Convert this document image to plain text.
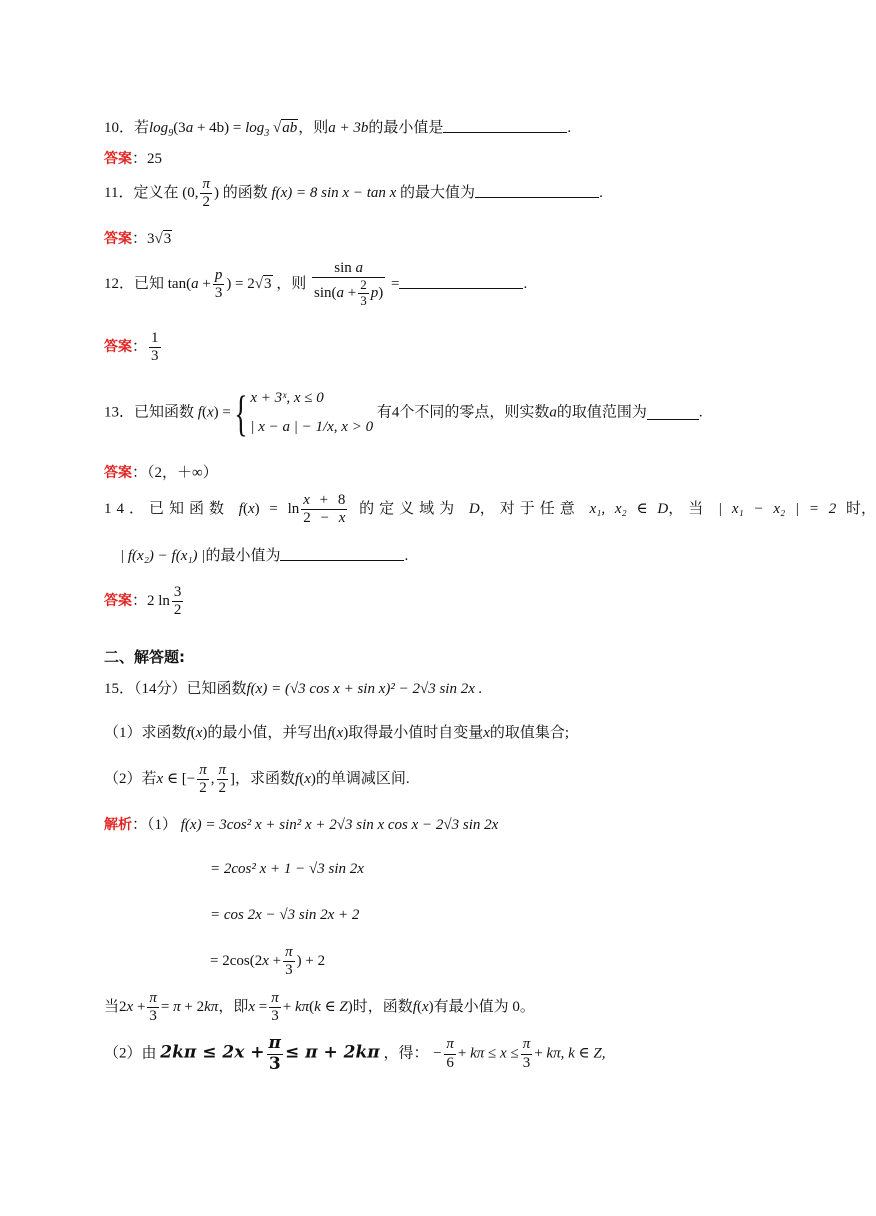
10．若$\log_9(3a + 4b) = \log_3 √ab$，则a + 3b的最小值是	.
答案：25
11．定义在 (0, $\frac{\pi}{2}$ ) 的函数 f(x) = 8 sin x − tan x 的最大值为	.
答案：3√3
12．已知 $\tan(a + \frac{p}{3}$ ) = 2√3 ，则 $\frac{\text{sin a}}{\sin(a + \frac{2}{3} p)}$ =	.
答案： $\frac{1}{3}$
13．已知函数 f(x) = { x + 3ˣ, x ≤ 0
| x − a | − 1/x, x > 0 有4个不同的零点，则实数a的取值范围为	.
答案：（2，＋∞）
14．已知函数 $f(x) = \ln \frac{x + 8}{2 - x}$ 的定义域为 D，对于任意 x₁, x₂ ∈ D，当 | x₁ − x₂ | = 2 时，
| f(x₂) − f(x₁) |的最小值为	.
答案：2 $\ln \frac{3}{2}$
二、解答题:
15．（14分）已知函数f(x) = (√3 cos x + sin x)² − 2√3 sin 2x .
（1）求函数f(x)的最小值，并写出f(x)取得最小值时自变量x的取值集合;
（2）若x ∈ [− $\frac{\pi}{2}$ , $\frac{\pi}{2}$ ]，求函数f(x)的单调减区间.
解析：（1） f(x) = 3cos² x + sin² x + 2√3 sin x cos x − 2√3 sin 2x
= 2cos² x + 1 − √3 sin 2x
= cos 2x − √3 sin 2x + 2
= $2\cos(2x + \frac{\pi}{3}$ ) + 2
当$2x + \frac{\pi}{3} = \pi + 2k\pi$，即$x = \frac{\pi}{3} + k\pi(k$ ∈ Z)时，函数f(x)有最小值为 0。
（2）由 $2k\pi \le 2x + \frac{\pi}{3} \le \pi + 2k\pi$ ，得： − $\frac{\pi}{6} + k\pi \le x \le \frac{\pi}{3} + k\pi$, k ∈ Z,
